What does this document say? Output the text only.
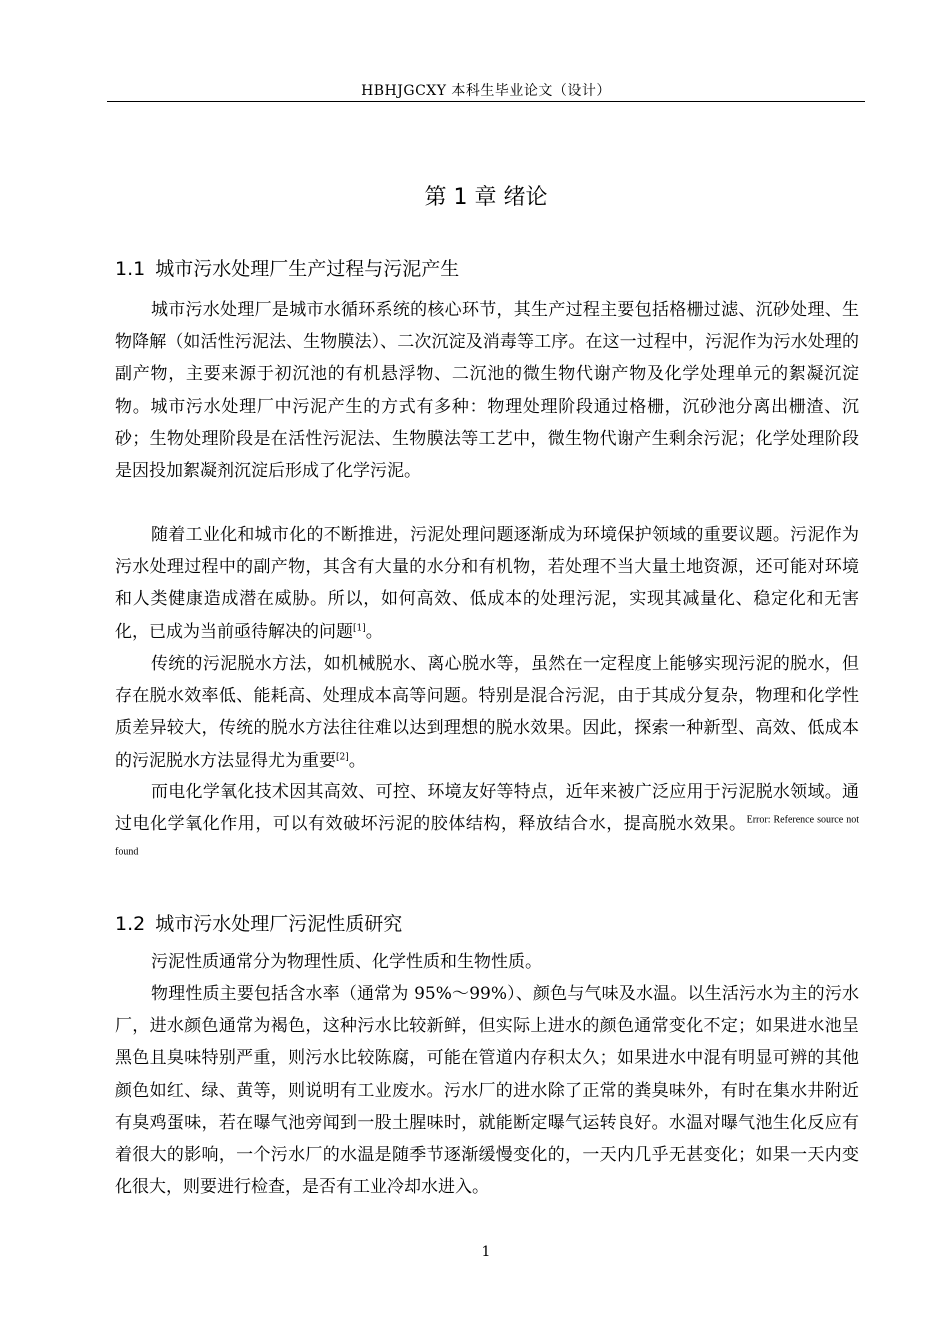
HBHJGCXY 本科生毕业论文（设计）
第 1 章 绪论
1.1 城市污水处理厂生产过程与污泥产生

城市污水处理厂是城市水循环系统的核心环节，其生产过程主要包括格栅过滤、沉砂处理、生物降解（如活性污泥法、生物膜法）、二次沉淀及消毒等工序。在这一过程中，污泥作为污水处理的副产物，主要来源于初沉池的有机悬浮物、二沉池的微生物代谢产物及化学处理单元的絮凝沉淀物。城市污水处理厂中污泥产生的方式有多种：物理处理阶段通过格栅，沉砂池分离出栅渣、沉砂；生物处理阶段是在活性污泥法、生物膜法等工艺中，微生物代谢产生剩余污泥；化学处理阶段是因投加絮凝剂沉淀后形成了化学污泥。

随着工业化和城市化的不断推进，污泥处理问题逐渐成为环境保护领域的重要议题。污泥作为污水处理过程中的副产物，其含有大量的水分和有机物，若处理不当大量土地资源，还可能对环境和人类健康造成潜在威胁。所以，如何高效、低成本的处理污泥，实现其减量化、稳定化和无害化，已成为当前亟待解决的问题[1]。

传统的污泥脱水方法，如机械脱水、离心脱水等，虽然在一定程度上能够实现污泥的脱水，但存在脱水效率低、能耗高、处理成本高等问题。特别是混合污泥，由于其成分复杂，物理和化学性质差异较大，传统的脱水方法往往难以达到理想的脱水效果。因此，探索一种新型、高效、低成本的污泥脱水方法显得尤为重要[2]。

而电化学氧化技术因其高效、可控、环境友好等特点，近年来被广泛应用于污泥脱水领域。通过电化学氧化作用，可以有效破坏污泥的胶体结构，释放结合水，提高脱水效果。$^{Error: Reference source not found}$

1.2 城市污水处理厂污泥性质研究

污泥性质通常分为物理性质、化学性质和生物性质。

物理性质主要包括含水率（通常为 95%～99%）、颜色与气味及水温。以生活污水为主的污水厂，进水颜色通常为褐色，这种污水比较新鲜，但实际上进水的颜色通常变化不定；如果进水池呈黑色且臭味特别严重，则污水比较陈腐，可能在管道内存积太久；如果进水中混有明显可辨的其他颜色如红、绿、黄等，则说明有工业废水。污水厂的进水除了正常的粪臭味外，有时在集水井附近有臭鸡蛋味，若在曝气池旁闻到一股土腥味时，就能断定曝气运转良好。水温对曝气池生化反应有着很大的影响，一个污水厂的水温是随季节逐渐缓慢变化的，一天内几乎无甚变化；如果一天内变化很大，则要进行检查，是否有工业冷却水进入。

1
